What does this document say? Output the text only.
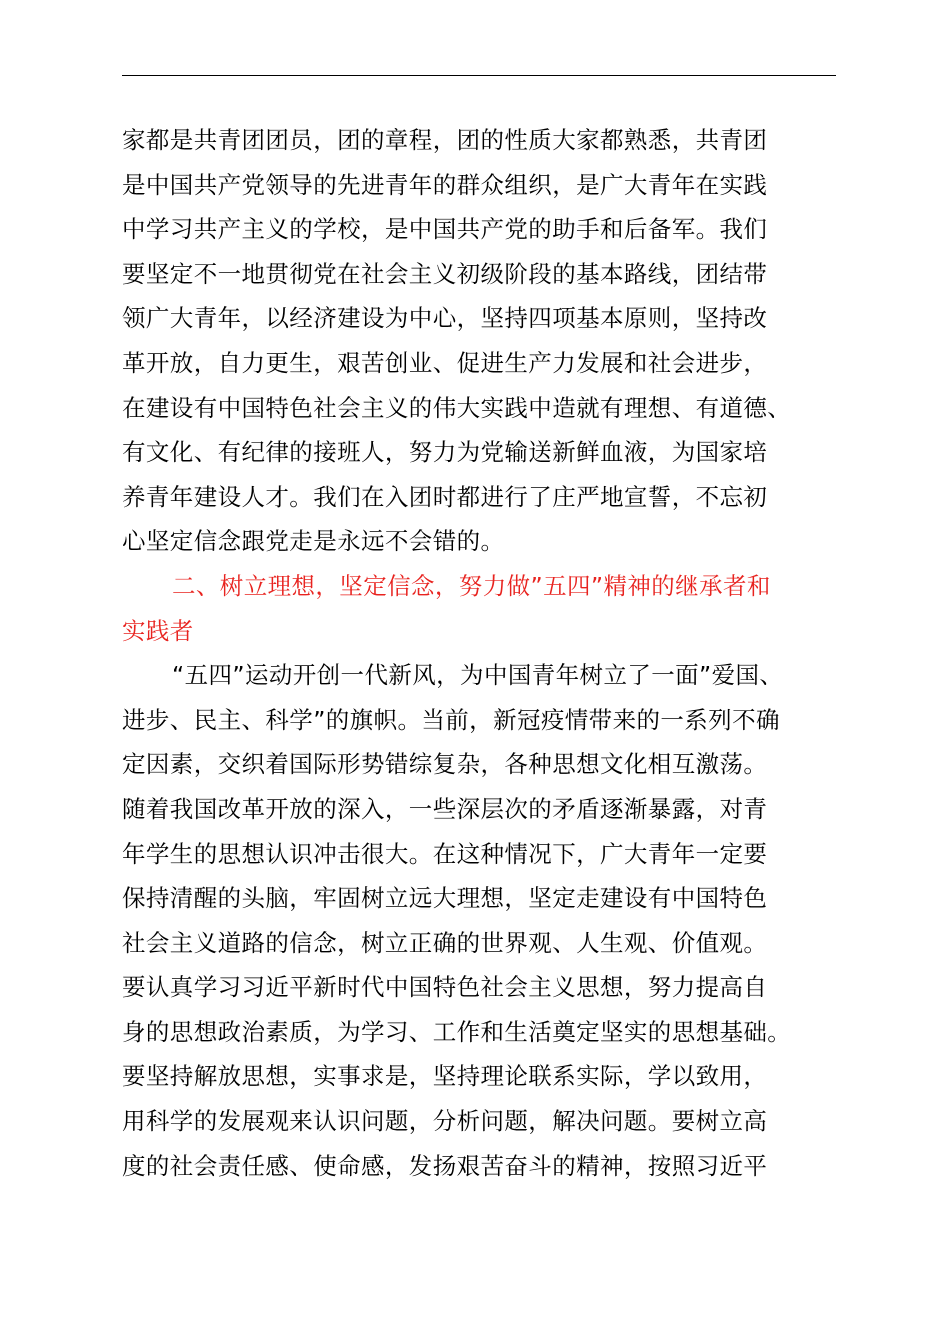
家都是共青团团员，团的章程，团的性质大家都熟悉，共青团
是中国共产党领导的先进青年的群众组织，是广大青年在实践
中学习共产主义的学校，是中国共产党的助手和后备军。我们
要坚定不一地贯彻党在社会主义初级阶段的基本路线，团结带
领广大青年，以经济建设为中心，坚持四项基本原则，坚持改
革开放，自力更生，艰苦创业、促进生产力发展和社会进步，
在建设有中国特色社会主义的伟大实践中造就有理想、有道德、
有文化、有纪律的接班人，努力为党输送新鲜血液，为国家培
养青年建设人才。我们在入团时都进行了庄严地宣誓，不忘初
心坚定信念跟党走是永远不会错的。
二、树立理想，坚定信念，努力做”五四”精神的继承者和
实践者
“五四”运动开创一代新风，为中国青年树立了一面”爱国、
进步、民主、科学”的旗帜。当前，新冠疫情带来的一系列不确
定因素，交织着国际形势错综复杂，各种思想文化相互激荡。
随着我国改革开放的深入，一些深层次的矛盾逐渐暴露，对青
年学生的思想认识冲击很大。在这种情况下，广大青年一定要
保持清醒的头脑，牢固树立远大理想，坚定走建设有中国特色
社会主义道路的信念，树立正确的世界观、人生观、价值观。
要认真学习习近平新时代中国特色社会主义思想，努力提高自
身的思想政治素质，为学习、工作和生活奠定坚实的思想基础。
要坚持解放思想，实事求是，坚持理论联系实际，学以致用，
用科学的发展观来认识问题，分析问题，解决问题。要树立高
度的社会责任感、使命感，发扬艰苦奋斗的精神，按照习近平
